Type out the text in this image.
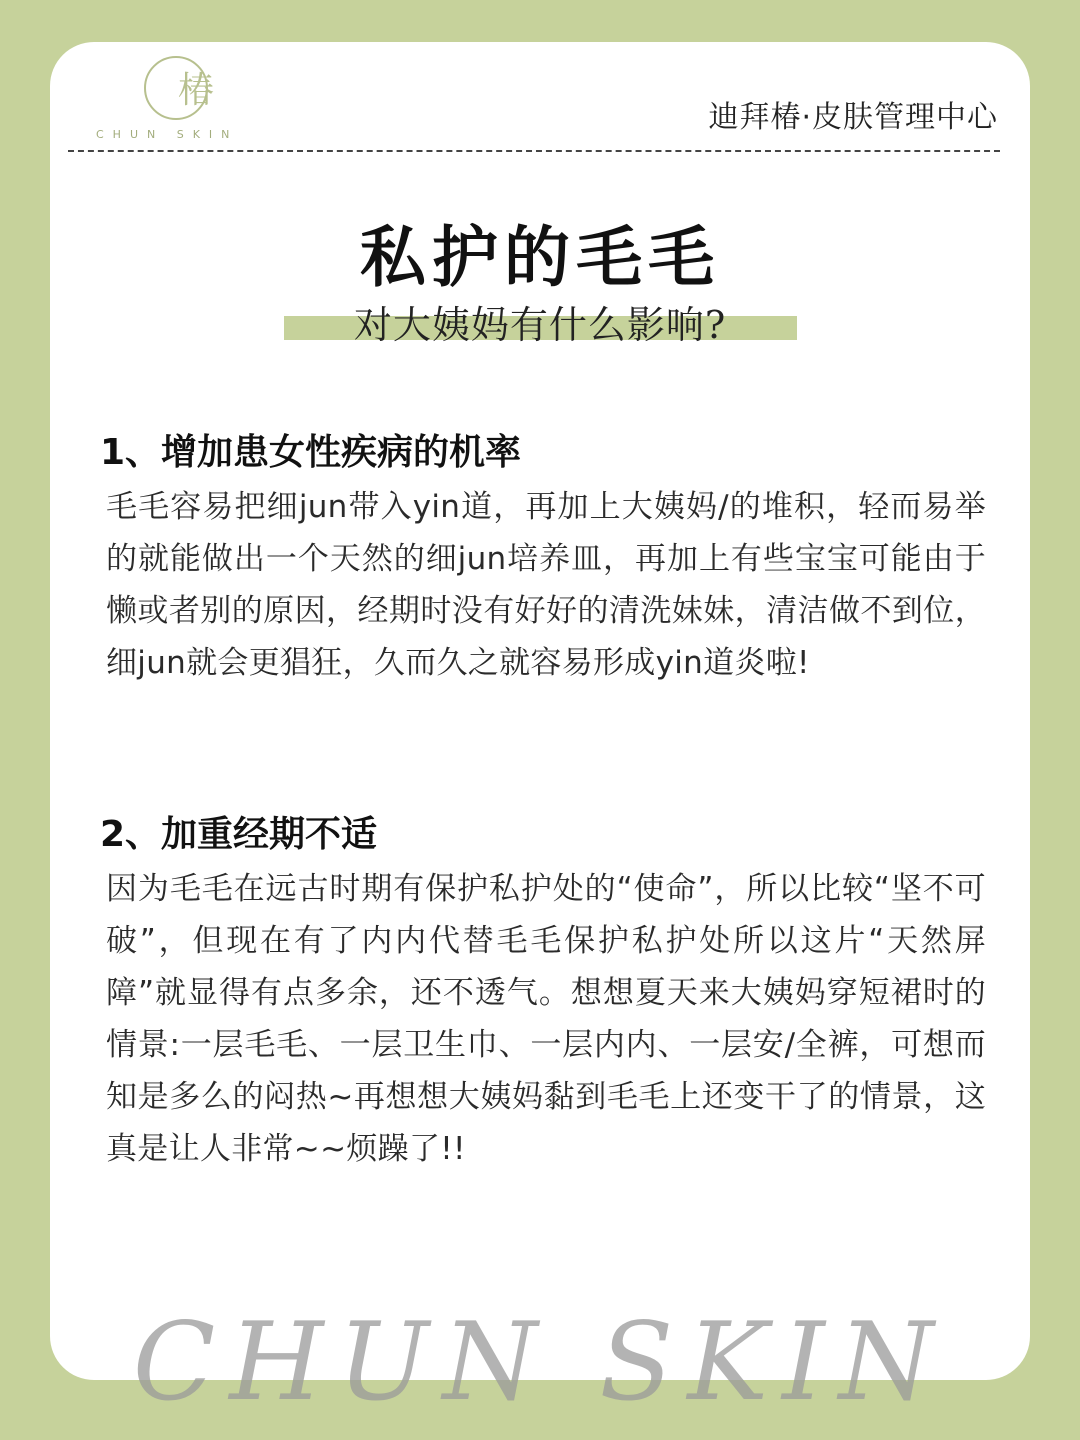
椿
CHUN SKIN	迪拜椿·皮肤管理中心
私护的毛毛
对大姨妈有什么影响?
1、增加患女性疾病的机率
毛毛容易把细jun带入yin道，再加上大姨妈/的堆积，轻而易举的就能做出一个天然的细jun培养皿，再加上有些宝宝可能由于懒或者别的原因，经期时没有好好的清洗妹妹，清洁做不到位，细jun就会更猖狂，久而久之就容易形成yin道炎啦!
2、加重经期不适
因为毛毛在远古时期有保护私护处的“使命”，所以比较“坚不可破”，但现在有了内内代替毛毛保护私护处所以这片“天然屏障”就显得有点多余，还不透气。想想夏天来大姨妈穿短裙时的情景:一层毛毛、一层卫生巾、一层内内、一层安/全裤，可想而知是多么的闷热~再想想大姨妈黏到毛毛上还变干了的情景，这真是让人非常~~烦躁了!!
CHUN SKIN
